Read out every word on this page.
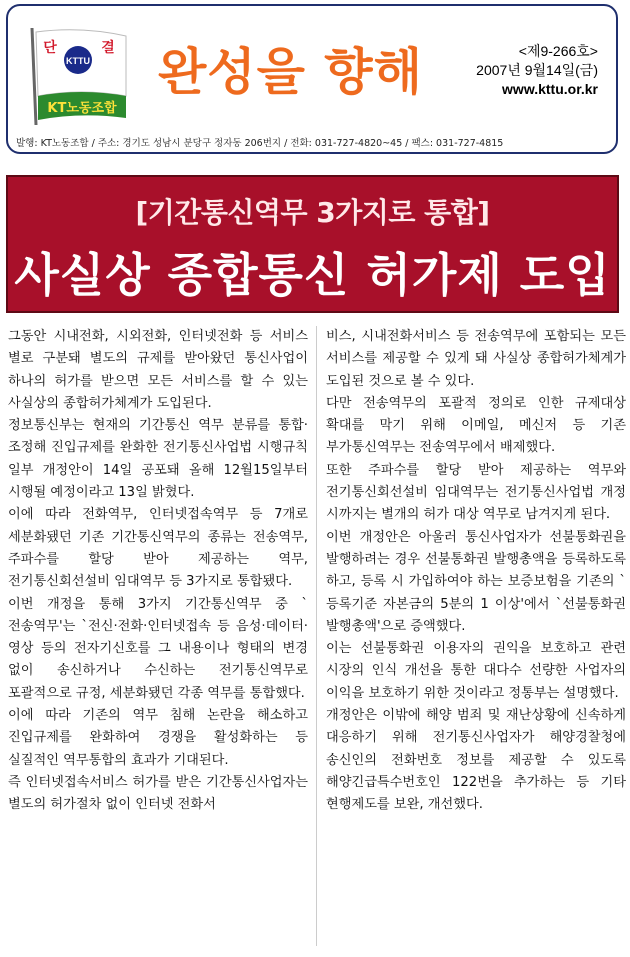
KTTU
단	결
KT노동조합
완성을 향해	<제9-266호>
2007년 9월14일(금)
www.kttu.or.kr
발행: KT노동조합 / 주소: 경기도 성남시 분당구 정자동 206번지 / 전화: 031-727-4820~45 / 팩스: 031-727-4815
[기간통신역무 3가지로 통합]
사실상 종합통신 허가제 도입

그동안 시내전화, 시외전화, 인터넷전화 등 서비스 별로 구분돼 별도의 규제를 받아왔던 통신사업이 하나의 허가를 받으면 모든 서비스를 할 수 있는 사실상의 종합허가체계가 도입된다.

정보통신부는 현재의 기간통신 역무 분류를 통합·조정해 진입규제를 완화한 전기통신사업법 시행규칙 일부 개정안이 14일 공포돼 올해 12월15일부터 시행될 예정이라고 13일 밝혔다.

이에 따라 전화역무, 인터넷접속역무 등 7개로 세분화됐던 기존 기간통신역무의 종류는 전송역무, 주파수를 할당 받아 제공하는 역무, 전기통신회선설비 임대역무 등 3가지로 통합됐다.

이번 개정을 통해 3가지 기간통신역무 중 `전송역무'는 `전신·전화·인터넷접속 등 음성·데이터·영상 등의 전자기신호를 그 내용이나 형태의 변경 없이 송신하거나 수신하는 전기통신역무로 포괄적으로 규정, 세분화됐던 각종 역무를 통합했다.

이에 따라 기존의 역무 침해 논란을 해소하고 진입규제를 완화하여 경쟁을 활성화하는 등 실질적인 역무통합의 효과가 기대된다.

즉 인터넷접속서비스 허가를 받은 기간통신사업자는 별도의 허가절차 없이 인터넷 전화서

비스, 시내전화서비스 등 전송역무에 포함되는 모든 서비스를 제공할 수 있게 돼 사실상 종합허가체계가 도입된 것으로 볼 수 있다.

다만 전송역무의 포괄적 정의로 인한 규제대상 확대를 막기 위해 이메일, 메신저 등 기존 부가통신역무는 전송역무에서 배제했다.

또한 주파수를 할당 받아 제공하는 역무와 전기통신회선설비 임대역무는 전기통신사업법 개정 시까지는 별개의 허가 대상 역무로 남겨지게 된다.

이번 개정안은 아울러 통신사업자가 선불통화권을 발행하려는 경우 선불통화권 발행총액을 등록하도록 하고, 등록 시 가입하여야 하는 보증보험을 기존의 `등록기준 자본금의 5분의 1 이상'에서 `선불통화권 발행총액'으로 증액했다.

이는 선불통화권 이용자의 권익을 보호하고 관련 시장의 인식 개선을 통한 대다수 선량한 사업자의 이익을 보호하기 위한 것이라고 정통부는 설명했다.

개정안은 이밖에 해양 범죄 및 재난상황에 신속하게 대응하기 위해 전기통신사업자가 해양경찰청에 송신인의 전화번호 정보를 제공할 수 있도록 해양긴급특수번호인 122번을 추가하는 등 기타 현행제도를 보완, 개선했다.
